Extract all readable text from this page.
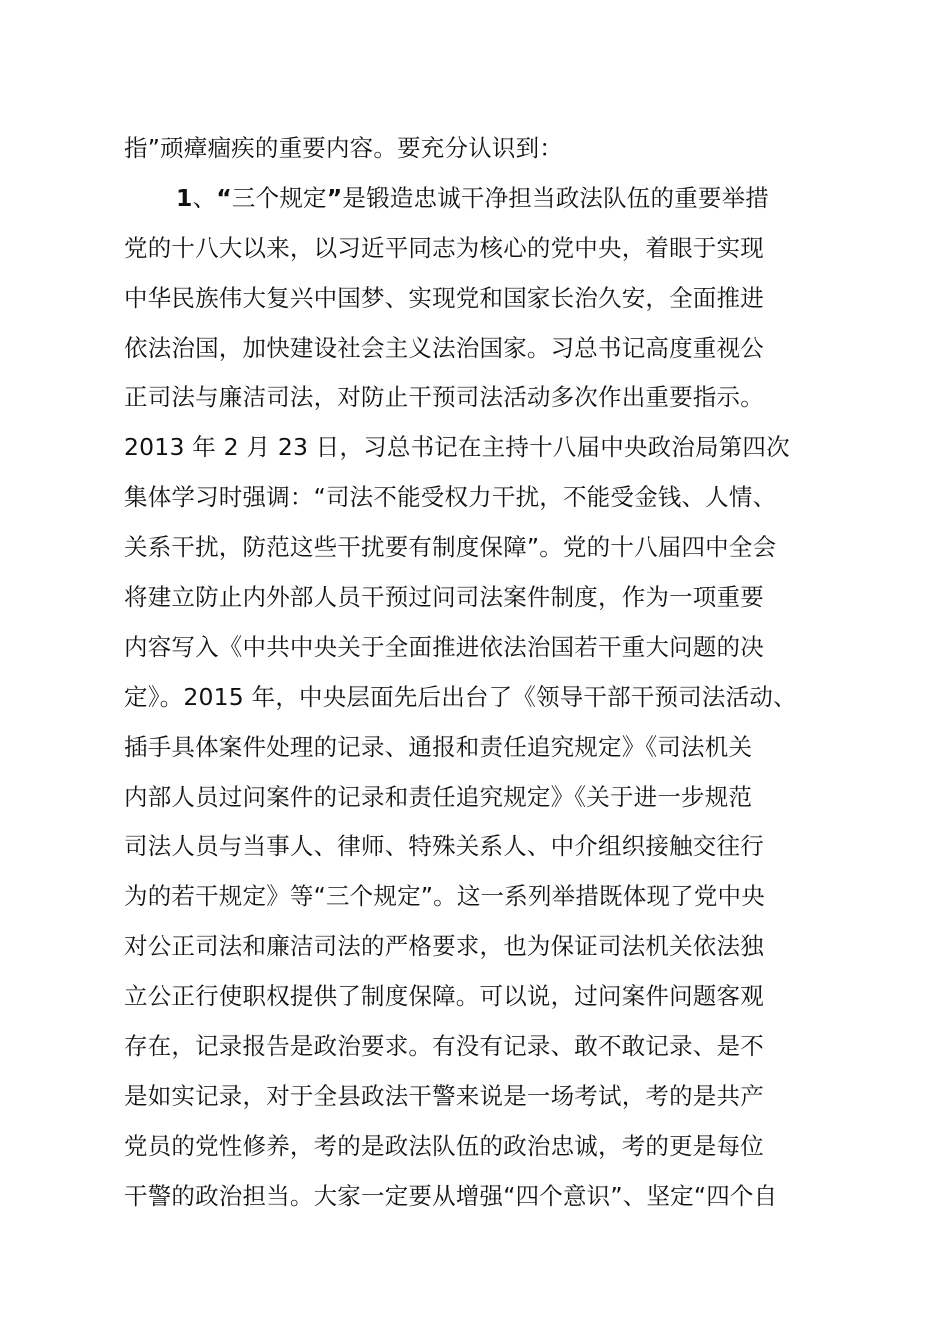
指”顽瘴痼疾的重要内容。要充分认识到：
1、“三个规定”是锻造忠诚干净担当政法队伍的重要举措
党的十八大以来，以习近平同志为核心的党中央，着眼于实现
中华民族伟大复兴中国梦、实现党和国家长治久安，全面推进
依法治国，加快建设社会主义法治国家。习总书记高度重视公
正司法与廉洁司法，对防止干预司法活动多次作出重要指示。
2013 年 2 月 23 日，习总书记在主持十八届中央政治局第四次
集体学习时强调：“司法不能受权力干扰，不能受金钱、人情、
关系干扰，防范这些干扰要有制度保障”。党的十八届四中全会
将建立防止内外部人员干预过问司法案件制度，作为一项重要
内容写入《中共中央关于全面推进依法治国若干重大问题的决
定》。2015 年，中央层面先后出台了《领导干部干预司法活动、
插手具体案件处理的记录、通报和责任追究规定》《司法机关
内部人员过问案件的记录和责任追究规定》《关于进一步规范
司法人员与当事人、律师、特殊关系人、中介组织接触交往行
为的若干规定》等“三个规定”。这一系列举措既体现了党中央
对公正司法和廉洁司法的严格要求，也为保证司法机关依法独
立公正行使职权提供了制度保障。可以说，过问案件问题客观
存在，记录报告是政治要求。有没有记录、敢不敢记录、是不
是如实记录，对于全县政法干警来说是一场考试，考的是共产
党员的党性修养，考的是政法队伍的政治忠诚，考的更是每位
干警的政治担当。大家一定要从增强“四个意识”、坚定“四个自
